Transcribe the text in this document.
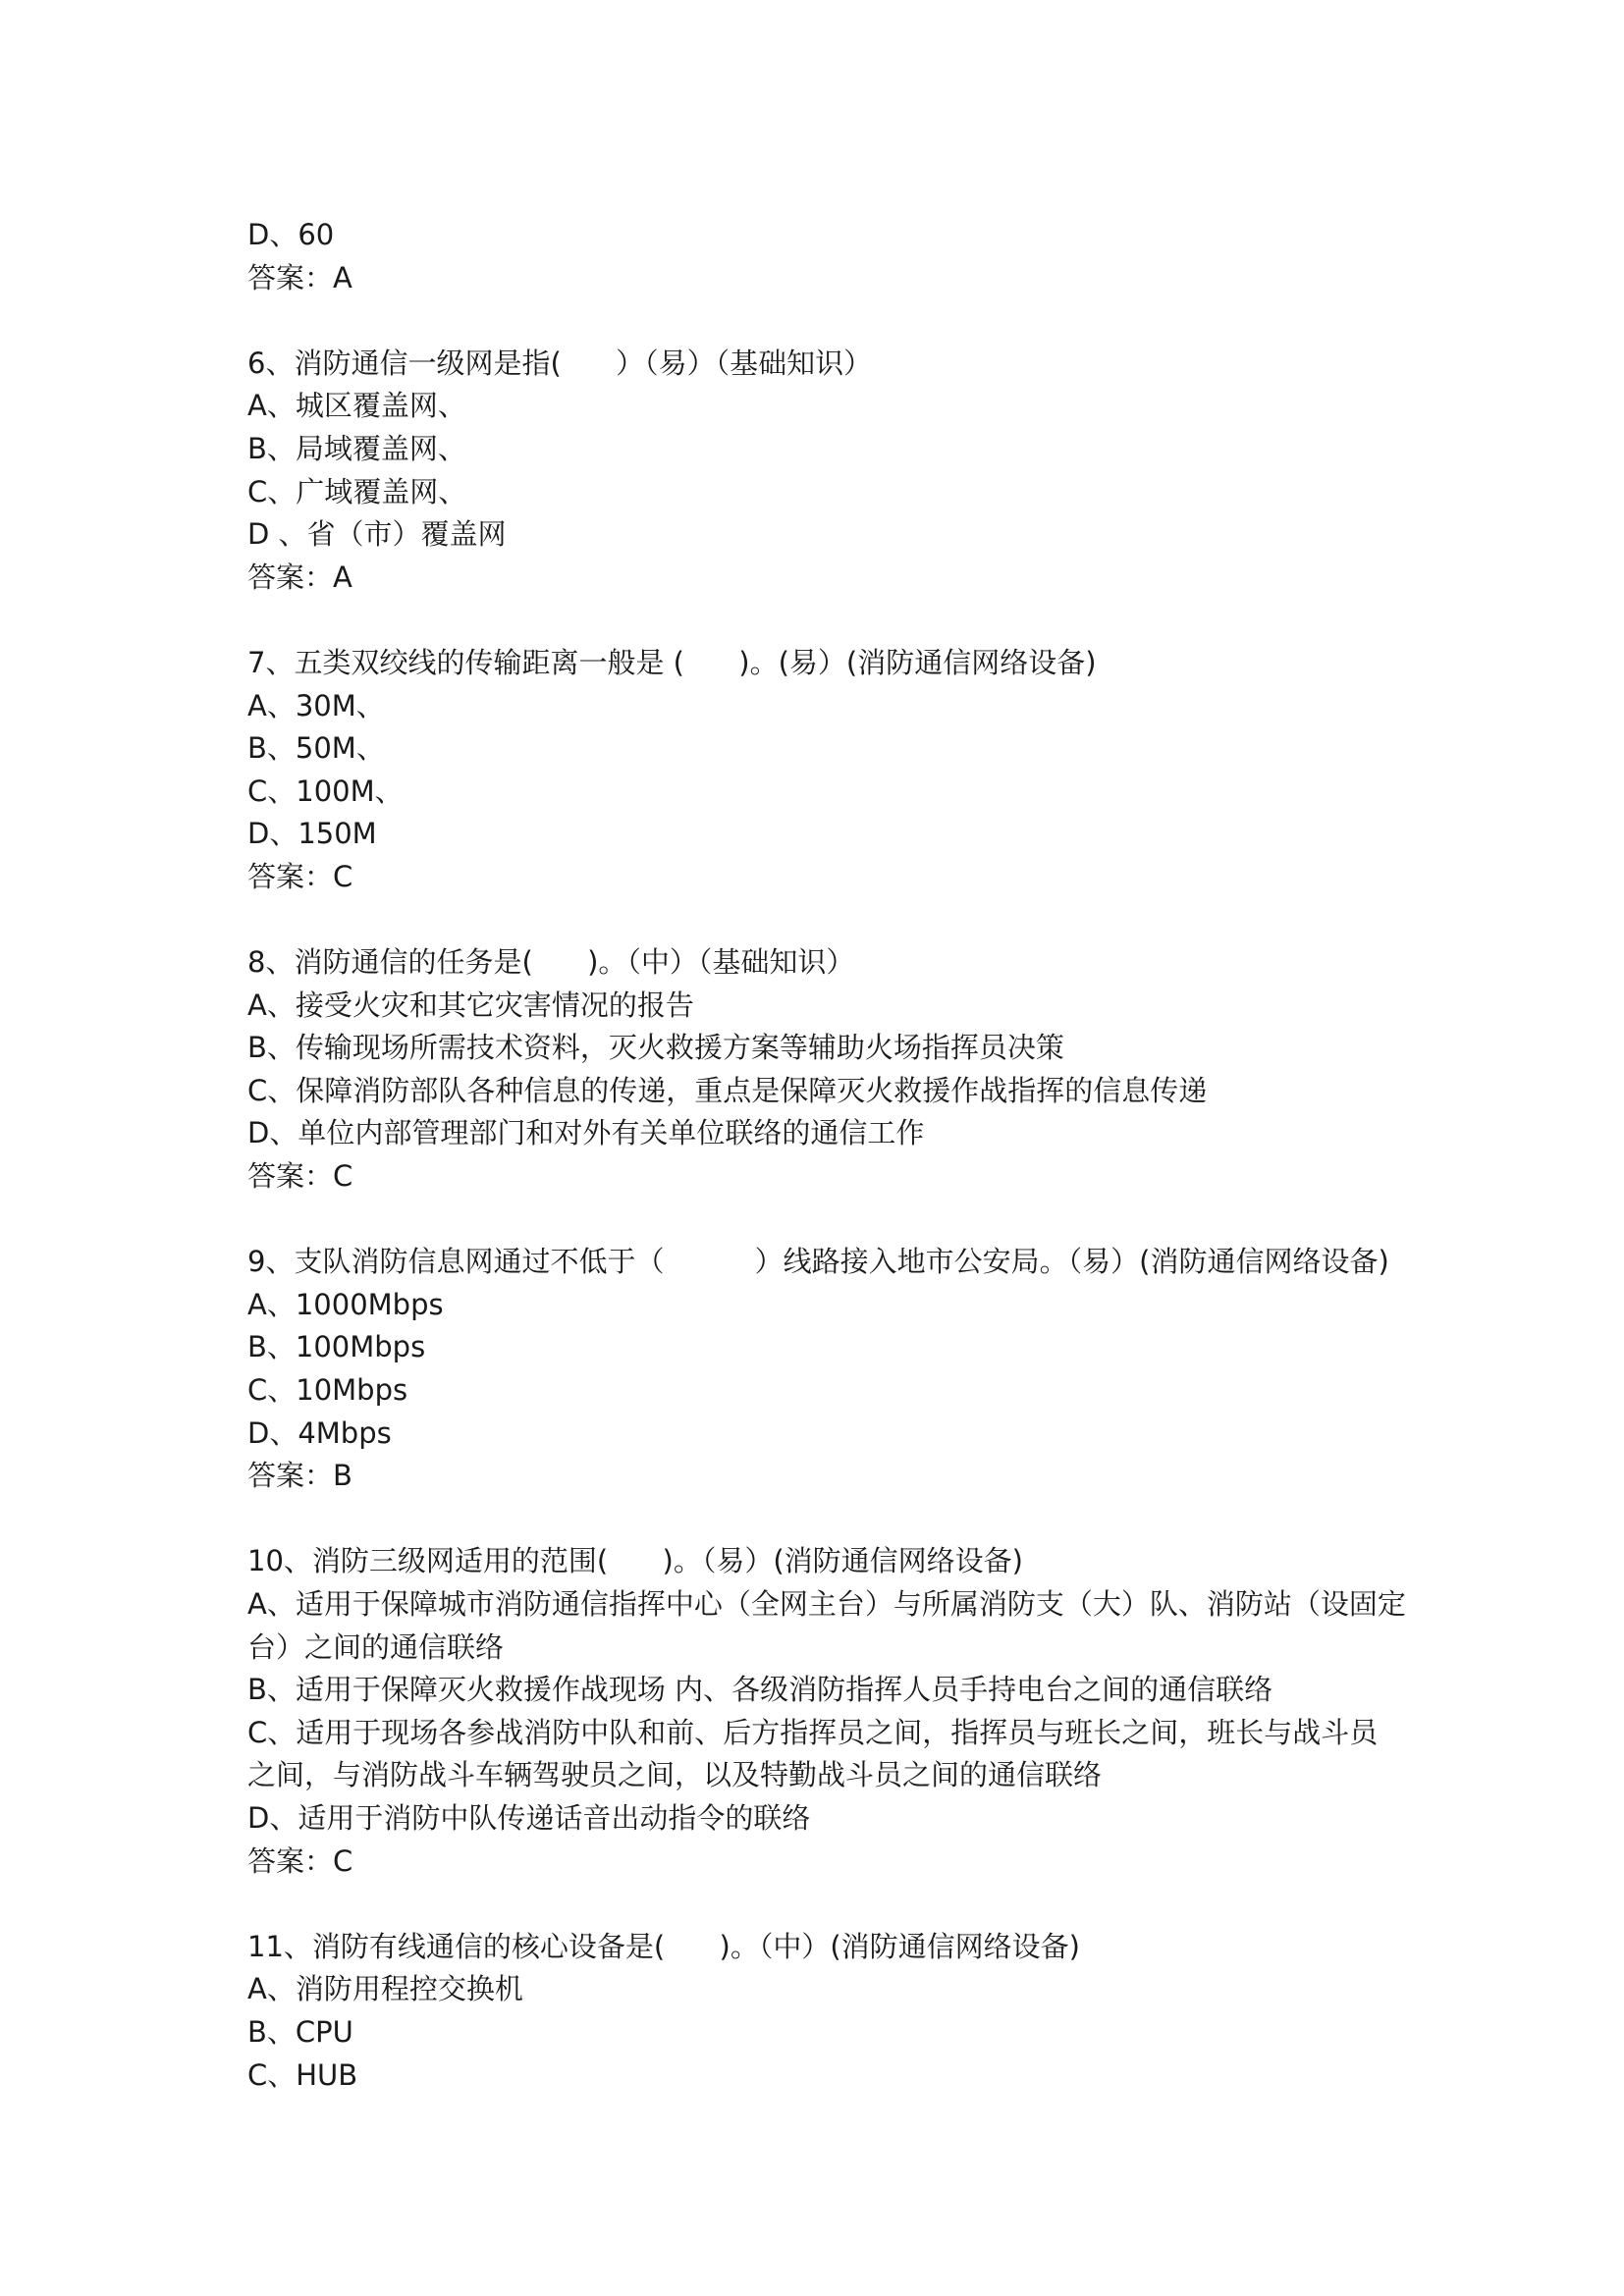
D、60

答案：A

6、消防通信一级网是指(      ）（易）（基础知识）

A、城区覆盖网、

B、局域覆盖网、

C、广域覆盖网、

D 、省（市）覆盖网

答案：A

7、五类双绞线的传输距离一般是 (      )。(易）(消防通信网络设备)

A、30M、

B、50M、

C、100M、

D、150M

答案：C

8、消防通信的任务是(      )。（中）（基础知识）

A、接受火灾和其它灾害情况的报告

B、传输现场所需技术资料，灭火救援方案等辅助火场指挥员决策

C、保障消防部队各种信息的传递，重点是保障灭火救援作战指挥的信息传递

D、单位内部管理部门和对外有关单位联络的通信工作

答案：C

9、支队消防信息网通过不低于（          ）线路接入地市公安局。（易）(消防通信网络设备)

A、1000Mbps

B、100Mbps

C、10Mbps

D、4Mbps

答案：B

10、消防三级网适用的范围(      )。（易）(消防通信网络设备)

A、适用于保障城市消防通信指挥中心（全网主台）与所属消防支（大）队、消防站（设固定台）之间的通信联络

B、适用于保障灭火救援作战现场 内、各级消防指挥人员手持电台之间的通信联络

C、适用于现场各参战消防中队和前、后方指挥员之间，指挥员与班长之间，班长与战斗员之间，与消防战斗车辆驾驶员之间，以及特勤战斗员之间的通信联络

D、适用于消防中队传递话音出动指令的联络

答案：C

11、消防有线通信的核心设备是(      )。（中）(消防通信网络设备)

A、消防用程控交换机

B、CPU

C、HUB
